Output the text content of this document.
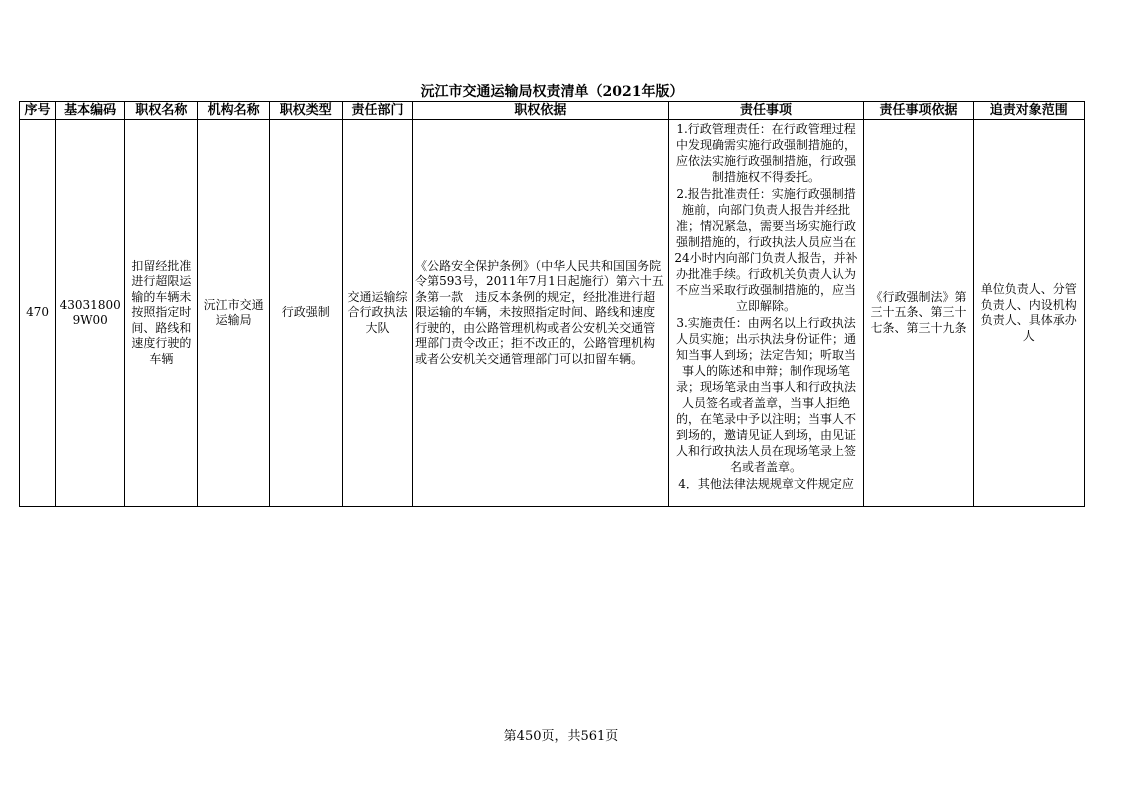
沅江市交通运输局权责清单（2021年版）
序号	基本编码	职权名称	机构名称	职权类型	责任部门	职权依据	责任事项	责任事项依据	追责对象范围

470	430318009W00	扣留经批准进行超限运输的车辆未按照指定时间、路线和速度行驶的车辆	沅江市交通运输局	行政强制	交通运输综合行政执法大队	《公路安全保护条例》（中华人民共和国国务院令第593号，2011年7月1日起施行）第六十五条第一款　违反本条例的规定，经批准进行超限运输的车辆，未按照指定时间、路线和速度行驶的，由公路管理机构或者公安机关交通管理部门责令改正；拒不改正的，公路管理机构或者公安机关交通管理部门可以扣留车辆。	1.行政管理责任：在行政管理过程中发现确需实施行政强制措施的，应依法实施行政强制措施，行政强制措施权不得委托。
2.报告批准责任：实施行政强制措施前，向部门负责人报告并经批准；情况紧急，需要当场实施行政强制措施的，行政执法人员应当在24小时内向部门负责人报告，并补办批准手续。行政机关负责人认为不应当采取行政强制措施的，应当立即解除。
3.实施责任：由两名以上行政执法人员实施；出示执法身份证件；通知当事人到场；法定告知；听取当事人的陈述和申辩；制作现场笔录；现场笔录由当事人和行政执法人员签名或者盖章，当事人拒绝的，在笔录中予以注明；当事人不到场的，邀请见证人到场，由见证人和行政执法人员在现场笔录上签名或者盖章。
4．其他法律法规规章文件规定应	《行政强制法》第三十五条、第三十七条、第三十九条	单位负责人、分管负责人、内设机构负责人、具体承办人
第450页，共561页
